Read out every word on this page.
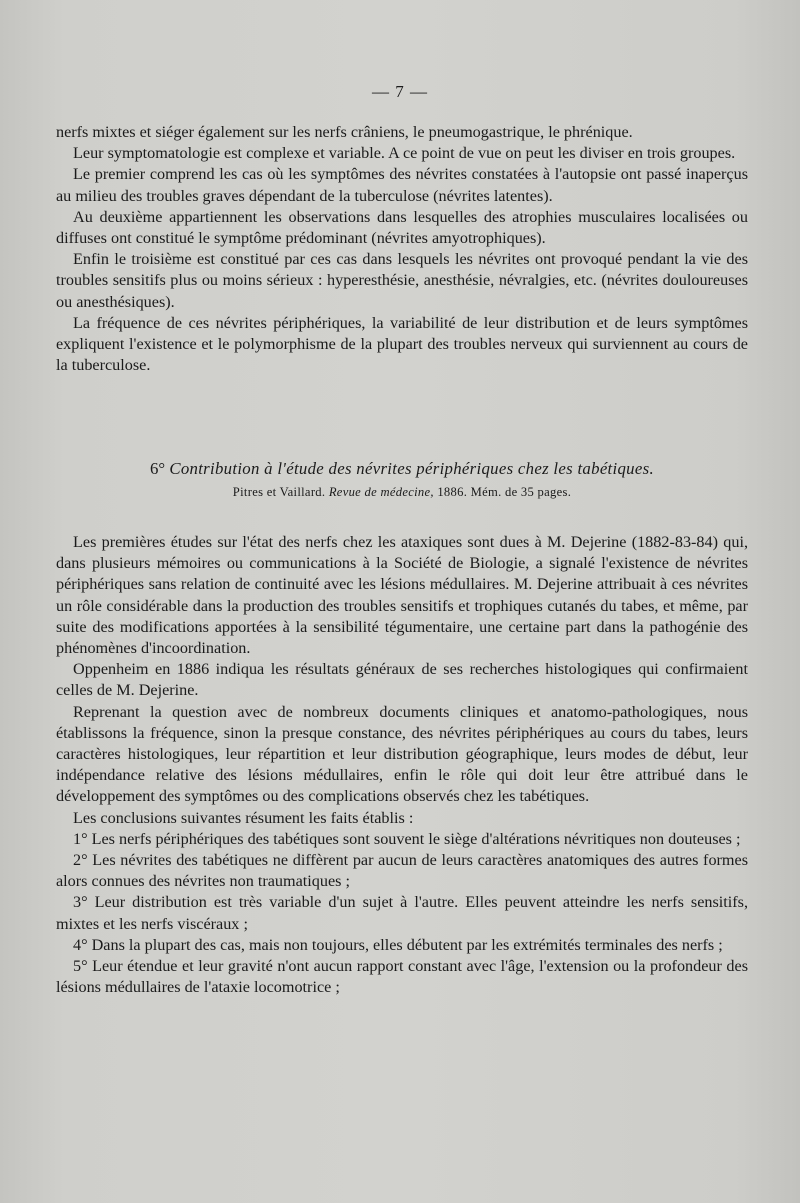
— 7 —

nerfs mixtes et siéger également sur les nerfs crâniens, le pneumogastrique, le phrénique.

Leur symptomatologie est complexe et variable. A ce point de vue on peut les diviser en trois groupes.

Le premier comprend les cas où les symptômes des névrites constatées à l'autopsie ont passé inaperçus au milieu des troubles graves dépendant de la tuberculose (névrites latentes).

Au deuxième appartiennent les observations dans lesquelles des atrophies musculaires localisées ou diffuses ont constitué le symptôme prédominant (névrites amyotrophiques).

Enfin le troisième est constitué par ces cas dans lesquels les névrites ont provoqué pendant la vie des troubles sensitifs plus ou moins sérieux : hyperesthésie, anesthésie, névralgies, etc. (névrites douloureuses ou anesthésiques).

La fréquence de ces névrites périphériques, la variabilité de leur distribution et de leurs symptômes expliquent l'existence et le polymorphisme de la plupart des troubles nerveux qui surviennent au cours de la tuberculose.

6° Contribution à l'étude des névrites périphériques chez les tabétiques.
Pitres et Vaillard. Revue de médecine, 1886. Mém. de 35 pages.

Les premières études sur l'état des nerfs chez les ataxiques sont dues à M. Dejerine (1882-83-84) qui, dans plusieurs mémoires ou communications à la Société de Biologie, a signalé l'existence de névrites périphériques sans relation de continuité avec les lésions médullaires. M. Dejerine attribuait à ces névrites un rôle considérable dans la production des troubles sensitifs et trophiques cutanés du tabes, et même, par suite des modifications apportées à la sensibilité tégumentaire, une certaine part dans la pathogénie des phénomènes d'incoordination.

Oppenheim en 1886 indiqua les résultats généraux de ses recherches histologiques qui confirmaient celles de M. Dejerine.

Reprenant la question avec de nombreux documents cliniques et anatomo-pathologiques, nous établissons la fréquence, sinon la presque constance, des névrites périphériques au cours du tabes, leurs caractères histologiques, leur répartition et leur distribution géographique, leurs modes de début, leur indépendance relative des lésions médullaires, enfin le rôle qui doit leur être attribué dans le développement des symptômes ou des complications observés chez les tabétiques.

Les conclusions suivantes résument les faits établis :

1° Les nerfs périphériques des tabétiques sont souvent le siège d'altérations névritiques non douteuses ;

2° Les névrites des tabétiques ne diffèrent par aucun de leurs caractères anatomiques des autres formes alors connues des névrites non traumatiques ;

3° Leur distribution est très variable d'un sujet à l'autre. Elles peuvent atteindre les nerfs sensitifs, mixtes et les nerfs viscéraux ;

4° Dans la plupart des cas, mais non toujours, elles débutent par les extrémités terminales des nerfs ;

5° Leur étendue et leur gravité n'ont aucun rapport constant avec l'âge, l'extension ou la profondeur des lésions médullaires de l'ataxie locomotrice ;
